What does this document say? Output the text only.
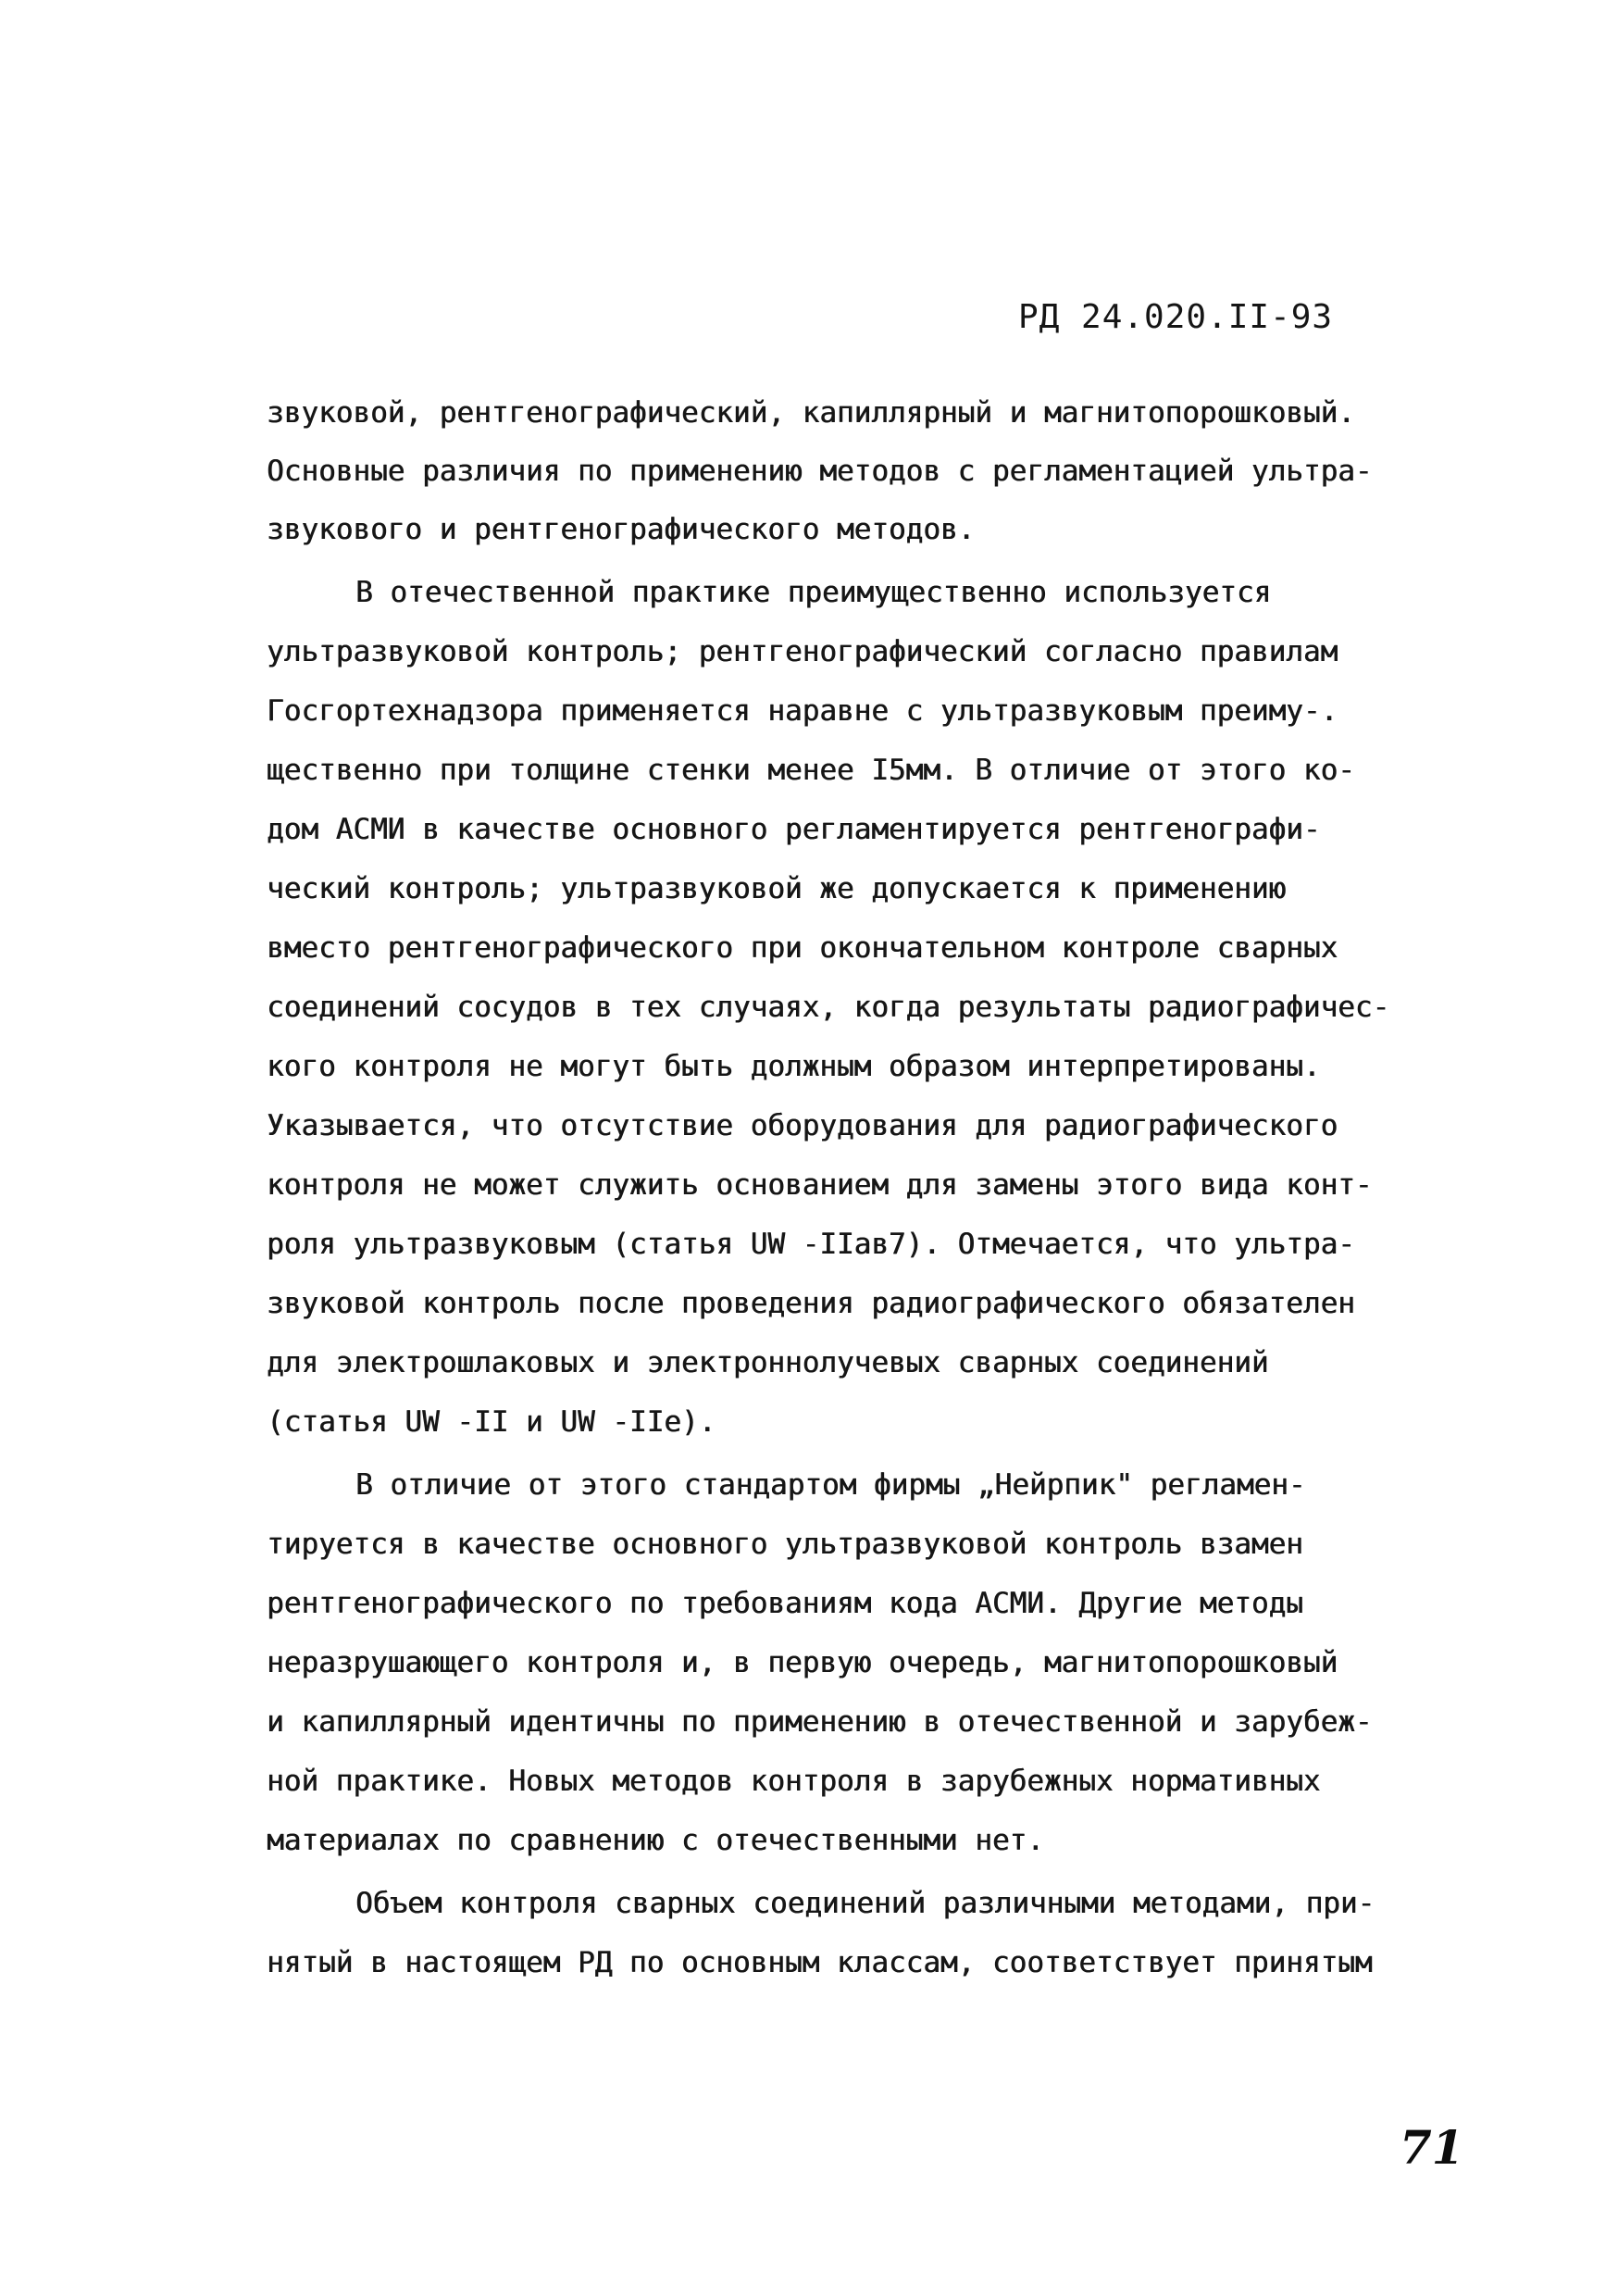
РД 24.020.II-93
звуковой, рентгенографический, капиллярный и магнитопорошковый.
Основные различия по применению методов с регламентацией ультра-
звукового и рентгенографического методов.
В отечественной практике преимущественно используется
ультразвуковой контроль; рентгенографический согласно правилам
Госгортехнадзора применяется наравне с ультразвуковым преиму-.
щественно при толщине стенки менее I5мм. В отличие от этого ко-
дом АСМИ в качестве основного регламентируется рентгенографи-
ческий контроль; ультразвуковой же допускается к применению
вместо рентгенографического при окончательном контроле сварных
соединений сосудов в тех случаях, когда результаты радиографичес-
кого контроля не могут быть должным образом интерпретированы.
Указывается, что отсутствие оборудования для радиографического
контроля не может служить основанием для замены этого вида конт-
роля ультразвуковым (статья UW -IIав7). Отмечается, что ультра-
звуковой контроль после проведения радиографического обязателен
для электрошлаковых и электроннолучевых сварных соединений
(статья UW -II и UW -IIe).
В отличие от этого стандартом фирмы „Нейрпик" регламен-
тируется в качестве основного ультразвуковой контроль взамен
рентгенографического по требованиям кода АСМИ. Другие методы
неразрушающего контроля и, в первую очередь, магнитопорошковый
и капиллярный идентичны по применению в отечественной и зарубеж-
ной практике. Новых методов контроля в зарубежных нормативных
материалах по сравнению с отечественными нет.
Объем контроля сварных соединений различными методами, при-
нятый в настоящем РД по основным классам, соответствует принятым
71
